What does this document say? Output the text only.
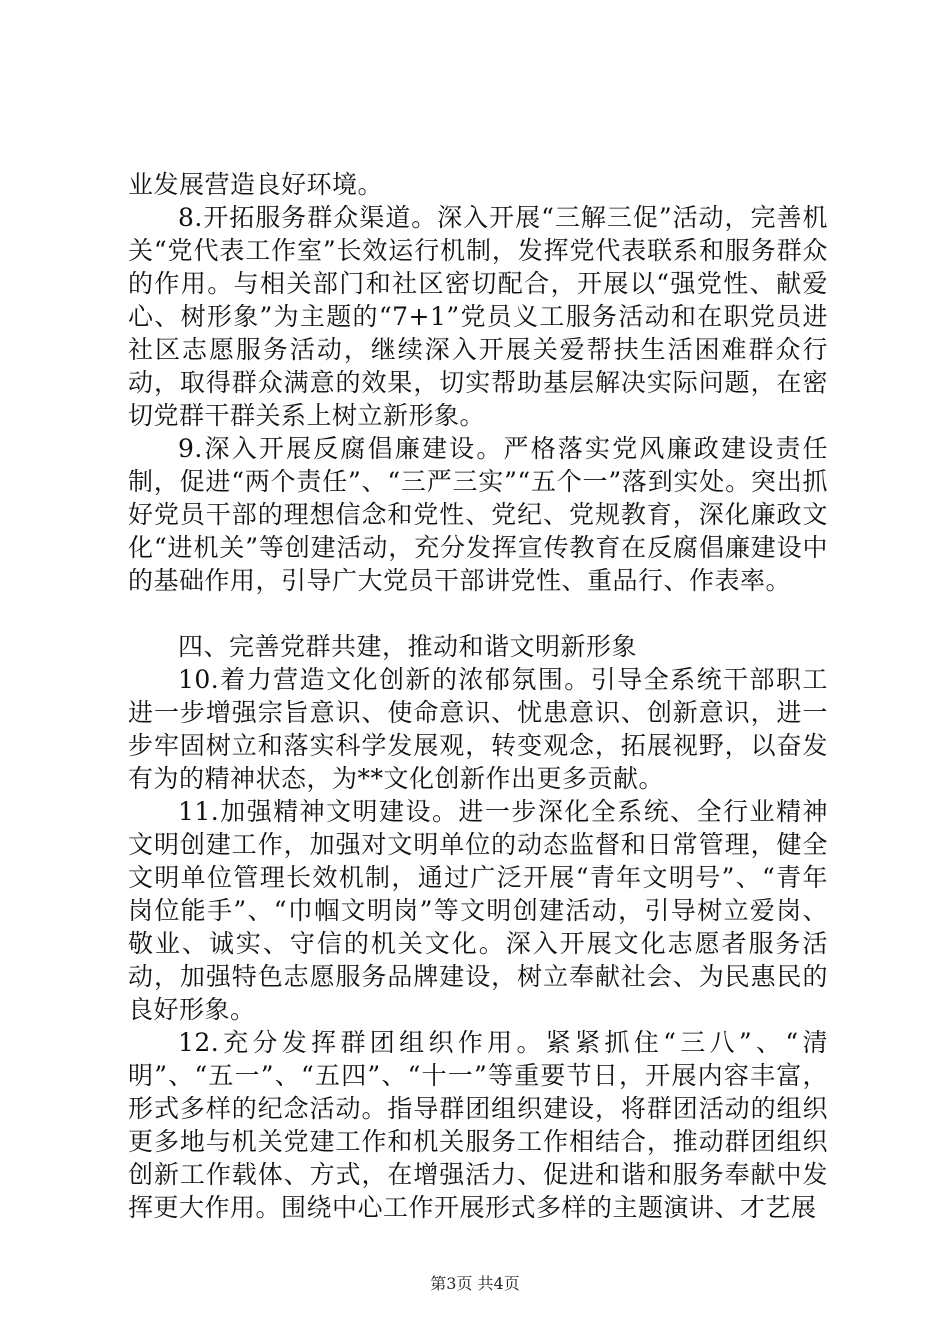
业发展营造良好环境。

8.开拓服务群众渠道。深入开展“三解三促”活动，完善机关“党代表工作室”长效运行机制，发挥党代表联系和服务群众的作用。与相关部门和社区密切配合，开展以“强党性、献爱心、树形象”为主题的“7+1”党员义工服务活动和在职党员进社区志愿服务活动，继续深入开展关爱帮扶生活困难群众行动，取得群众满意的效果，切实帮助基层解决实际问题，在密切党群干群关系上树立新形象。

9.深入开展反腐倡廉建设。严格落实党风廉政建设责任制，促进“两个责任”、“三严三实”“五个一”落到实处。突出抓好党员干部的理想信念和党性、党纪、党规教育，深化廉政文化“进机关”等创建活动，充分发挥宣传教育在反腐倡廉建设中的基础作用，引导广大党员干部讲党性、重品行、作表率。

四、完善党群共建，推动和谐文明新形象

10.着力营造文化创新的浓郁氛围。引导全系统干部职工进一步增强宗旨意识、使命意识、忧患意识、创新意识，进一步牢固树立和落实科学发展观，转变观念，拓展视野，以奋发有为的精神状态，为**文化创新作出更多贡献。

11.加强精神文明建设。进一步深化全系统、全行业精神文明创建工作，加强对文明单位的动态监督和日常管理，健全文明单位管理长效机制，通过广泛开展“青年文明号”、“青年岗位能手”、“巾帼文明岗”等文明创建活动，引导树立爱岗、敬业、诚实、守信的机关文化。深入开展文化志愿者服务活动，加强特色志愿服务品牌建设，树立奉献社会、为民惠民的良好形象。

12.充分发挥群团组织作用。紧紧抓住“三八”、“清明”、“五一”、“五四”、“十一”等重要节日，开展内容丰富，形式多样的纪念活动。指导群团组织建设，将群团活动的组织更多地与机关党建工作和机关服务工作相结合，推动群团组织创新工作载体、方式，在增强活力、促进和谐和服务奉献中发挥更大作用。围绕中心工作开展形式多样的主题演讲、才艺展

第3页 共4页
